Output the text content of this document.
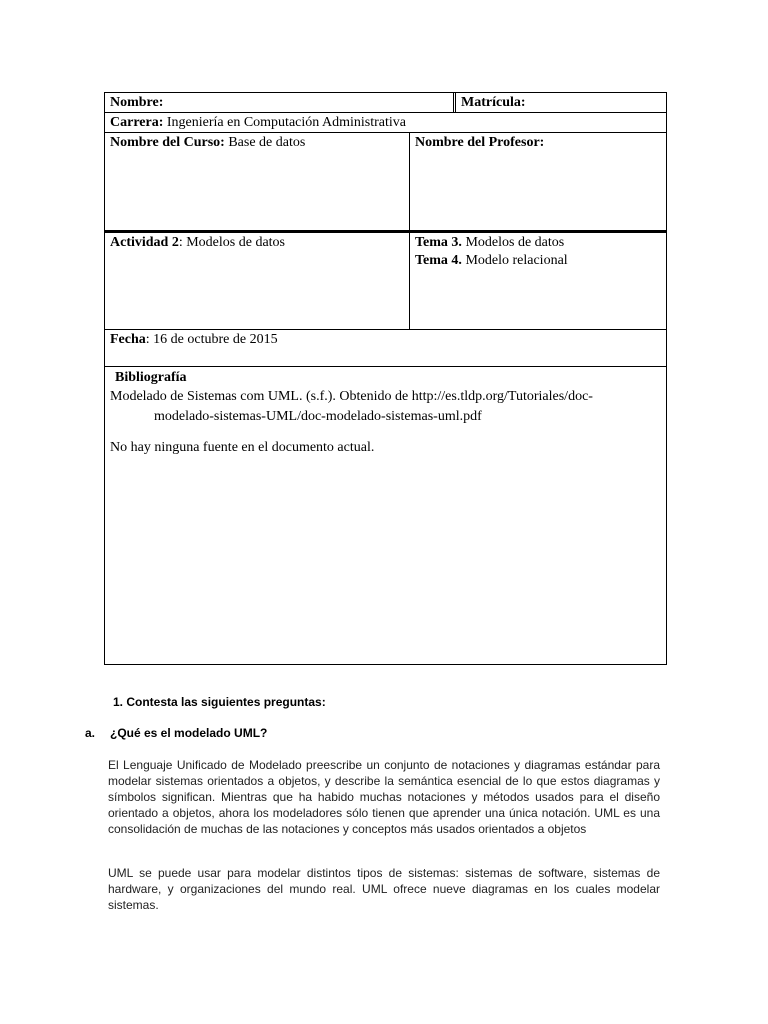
Nombre:	Matrícula:
Carrera: Ingeniería en Computación Administrativa
Nombre del Curso: Base de datos	Nombre del Profesor:
Actividad 2: Modelos de datos	Tema 3. Modelos de datos
Tema 4. Modelo relacional
Fecha: 16 de octubre de 2015
Bibliografía
Modelado de Sistemas com UML. (s.f.). Obtenido de http://es.tldp.org/Tutoriales/doc-
modelado-sistemas-UML/doc-modelado-sistemas-uml.pdf
No hay ninguna fuente en el documento actual.
1. Contesta las siguientes preguntas:
a. ¿Qué es el modelado UML?
El Lenguaje Unificado de Modelado preescribe un conjunto de notaciones y diagramas estándar para modelar sistemas orientados a objetos, y describe la semántica esencial de lo que estos diagramas y símbolos significan. Mientras que ha habido muchas notaciones y métodos usados para el diseño orientado a objetos, ahora los modeladores sólo tienen que aprender una única notación. UML es una consolidación de muchas de las notaciones y conceptos más usados orientados a objetos
UML se puede usar para modelar distintos tipos de sistemas: sistemas de software, sistemas de hardware, y organizaciones del mundo real. UML ofrece nueve diagramas en los cuales modelar sistemas.
